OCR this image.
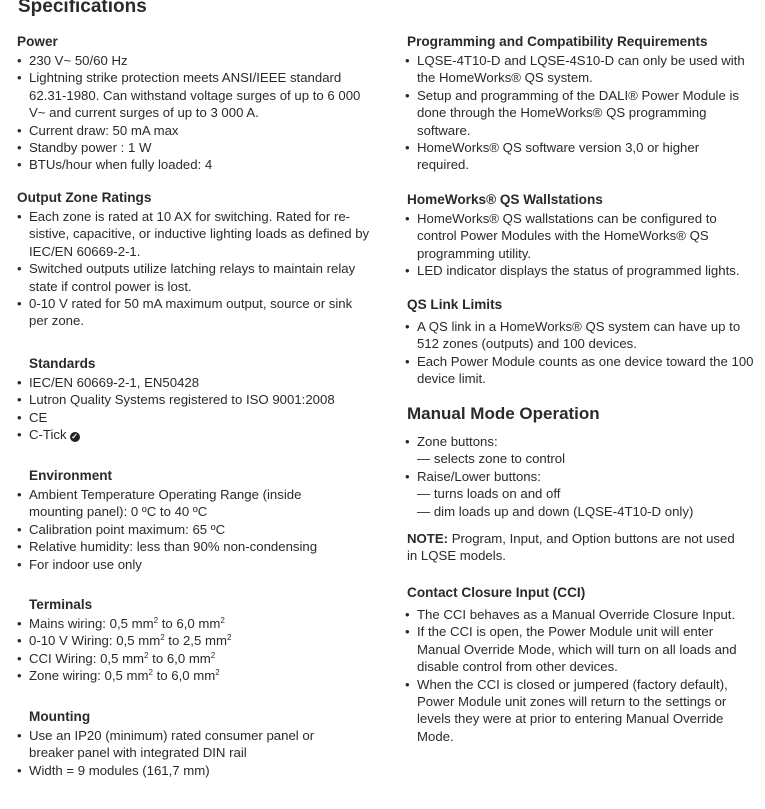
Specifications
Power
• 230 V~ 50/60 Hz
• Lightning strike protection meets ANSI/IEEE standard 62.31-1980. Can withstand voltage surges of up to 6 000 V~ and current surges of up to 3 000 A.
• Current draw: 50 mA max
• Standby power : 1 W
• BTUs/hour when fully loaded: 4
Output Zone Ratings
• Each zone is rated at 10 AX for switching. Rated for re-sistive, capacitive, or inductive lighting loads as defined by IEC/EN 60669-2-1.
• Switched outputs utilize latching relays to maintain relay state if control power is lost.
• 0-10 V rated for 50 mA maximum output, source or sink per zone.
Standards
• IEC/EN 60669-2-1, EN50428
• Lutron Quality Systems registered to ISO 9001:2008
• CE
• C-Tick ✓
Environment
• Ambient Temperature Operating Range (inside mounting panel): 0 ºC to 40 ºC
• Calibration point maximum: 65 ºC
• Relative humidity: less than 90% non-condensing
• For indoor use only
Terminals
• Mains wiring: 0,5 $mm^2$ to 6,0 $mm^2$
• 0-10 V Wiring: 0,5 $mm^2$ to 2,5 $mm^2$
• CCI Wiring: 0,5 $mm^2$ to 6,0 $mm^2$
• Zone wiring: 0,5 $mm^2$ to 6,0 $mm^2$
Mounting
• Use an IP20 (minimum) rated consumer panel or breaker panel with integrated DIN rail
• Width = 9 modules (161,7 mm)
Programming and Compatibility Requirements
• LQSE-4T10-D and LQSE-4S10-D can only be used with the HomeWorks® QS system.
• Setup and programming of the DALI® Power Module is done through the HomeWorks® QS programming software.
• HomeWorks® QS software version 3,0 or higher required.
HomeWorks® QS Wallstations
• HomeWorks® QS wallstations can be configured to control Power Modules with the HomeWorks® QS programming utility.
• LED indicator displays the status of programmed lights.
QS Link Limits
• A QS link in a HomeWorks® QS system can have up to 512 zones (outputs) and 100 devices.
• Each Power Module counts as one device toward the 100 device limit.
Manual Mode Operation
• Zone buttons:
— selects zone to control
• Raise/Lower buttons:
— turns loads on and off
— dim loads up and down (LQSE-4T10-D only)

NOTE: Program, Input, and Option buttons are not used in LQSE models.

Contact Closure Input (CCI)
• The CCI behaves as a Manual Override Closure Input.
• If the CCI is open, the Power Module unit will enter Manual Override Mode, which will turn on all loads and disable control from other devices.
• When the CCI is closed or jumpered (factory default), Power Module unit zones will return to the settings or levels they were at prior to entering Manual Override Mode.
